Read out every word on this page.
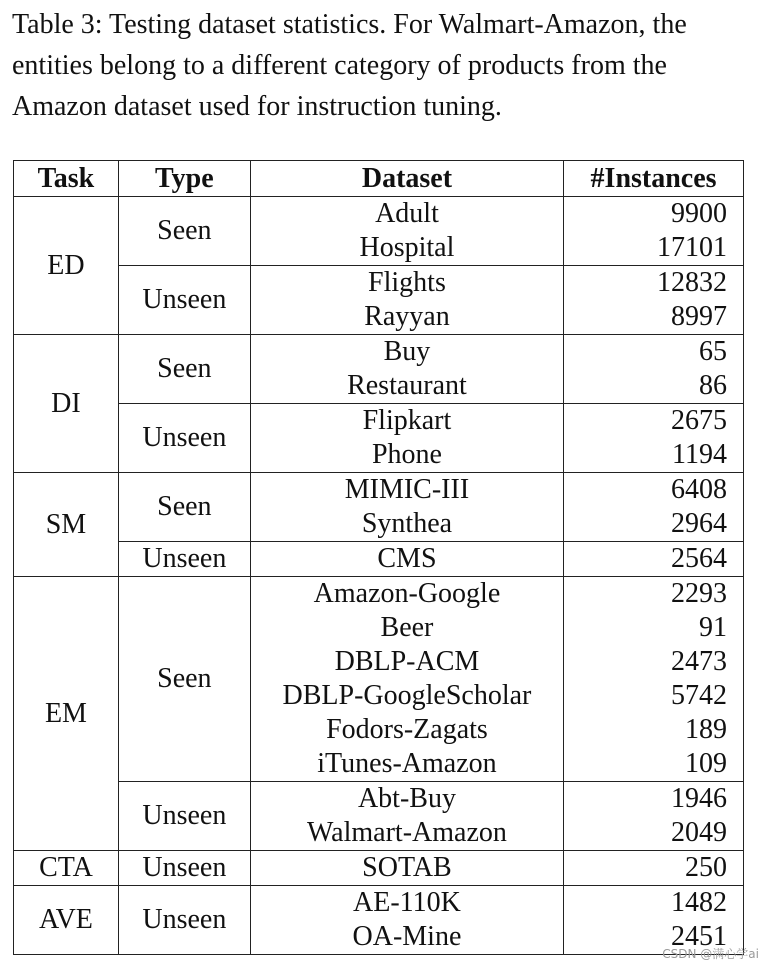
Table 3: Testing dataset statistics. For Walmart-Amazon, the entities belong to a different category of products from the Amazon dataset used for instruction tuning.

Task	Type	Dataset	#Instances
ED	Seen	Adult	9900
		Hospital	17101
	Unseen	Flights	12832
		Rayyan	8997
DI	Seen	Buy	65
		Restaurant	86
	Unseen	Flipkart	2675
		Phone	1194
SM	Seen	MIMIC-III	6408
		Synthea	2964
	Unseen	CMS	2564
EM	Seen	Amazon-Google	2293
		Beer	91
		DBLP-ACM	2473
		DBLP-GoogleScholar	5742
		Fodors-Zagats	189
		iTunes-Amazon	109
	Unseen	Abt-Buy	1946
		Walmart-Amazon	2049
CTA	Unseen	SOTAB	250
AVE	Unseen	AE-110K	1482
		OA-Mine	2451
CSDN @满心学ai
